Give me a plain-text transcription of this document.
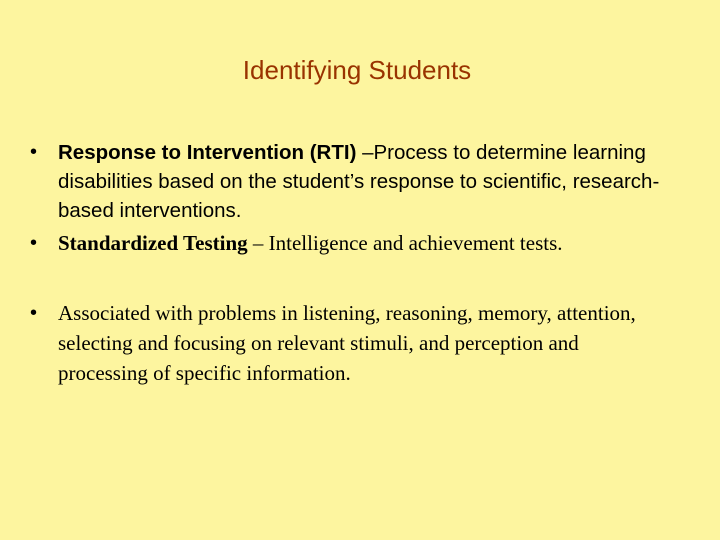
Identifying Students
• Response to Intervention (RTI) –Process to determine learning disabilities based on the student’s response to scientific, research-based interventions.
• Standardized Testing – Intelligence and achievement tests.
• Associated with problems in listening, reasoning, memory, attention, selecting and focusing on relevant stimuli, and perception and processing of specific information.
